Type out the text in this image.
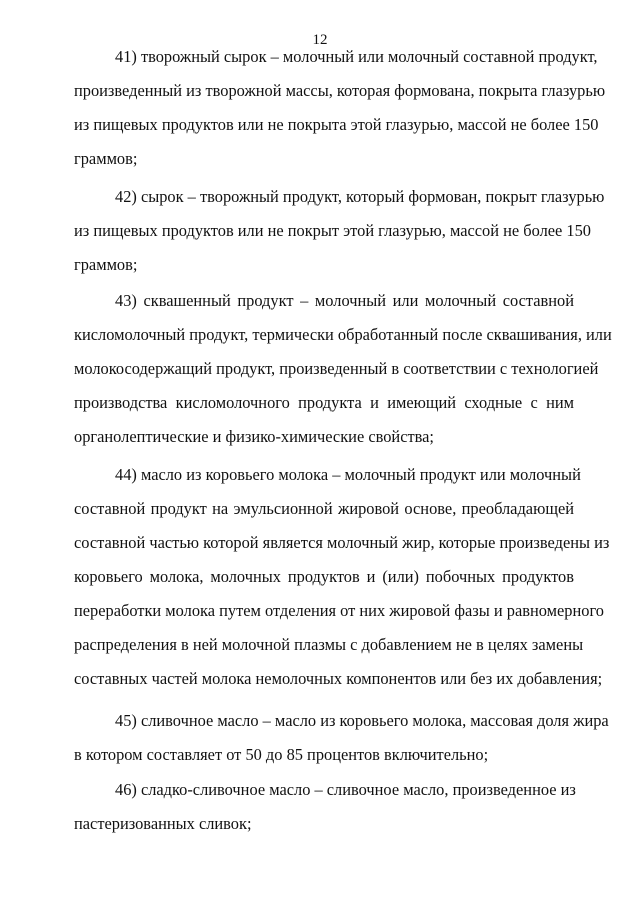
12
41) творожный сырок – молочный или молочный составной продукт,
произведенный из творожной массы, которая формована, покрыта глазурью
из пищевых продуктов или не покрыта этой глазурью, массой не более 150
граммов;
42) сырок – творожный продукт, который формован, покрыт глазурью
из пищевых продуктов или не покрыт этой глазурью, массой не более 150
граммов;
43) сквашенный продукт – молочный или молочный составной
кисломолочный продукт, термически обработанный после сквашивания, или
молокосодержащий продукт, произведенный в соответствии с технологией
производства кисломолочного продукта и имеющий сходные с ним
органолептические и физико-химические свойства;
44) масло из коровьего молока – молочный продукт или молочный
составной продукт на эмульсионной жировой основе, преобладающей
составной частью которой является молочный жир, которые произведены из
коровьего молока, молочных продуктов и (или) побочных продуктов
переработки молока путем отделения от них жировой фазы и равномерного
распределения в ней молочной плазмы с добавлением не в целях замены
составных частей молока немолочных компонентов или без их добавления;
45) сливочное масло – масло из коровьего молока, массовая доля жира
в котором составляет от 50 до 85 процентов включительно;
46) сладко-сливочное масло – сливочное масло, произведенное из
пастеризованных сливок;
